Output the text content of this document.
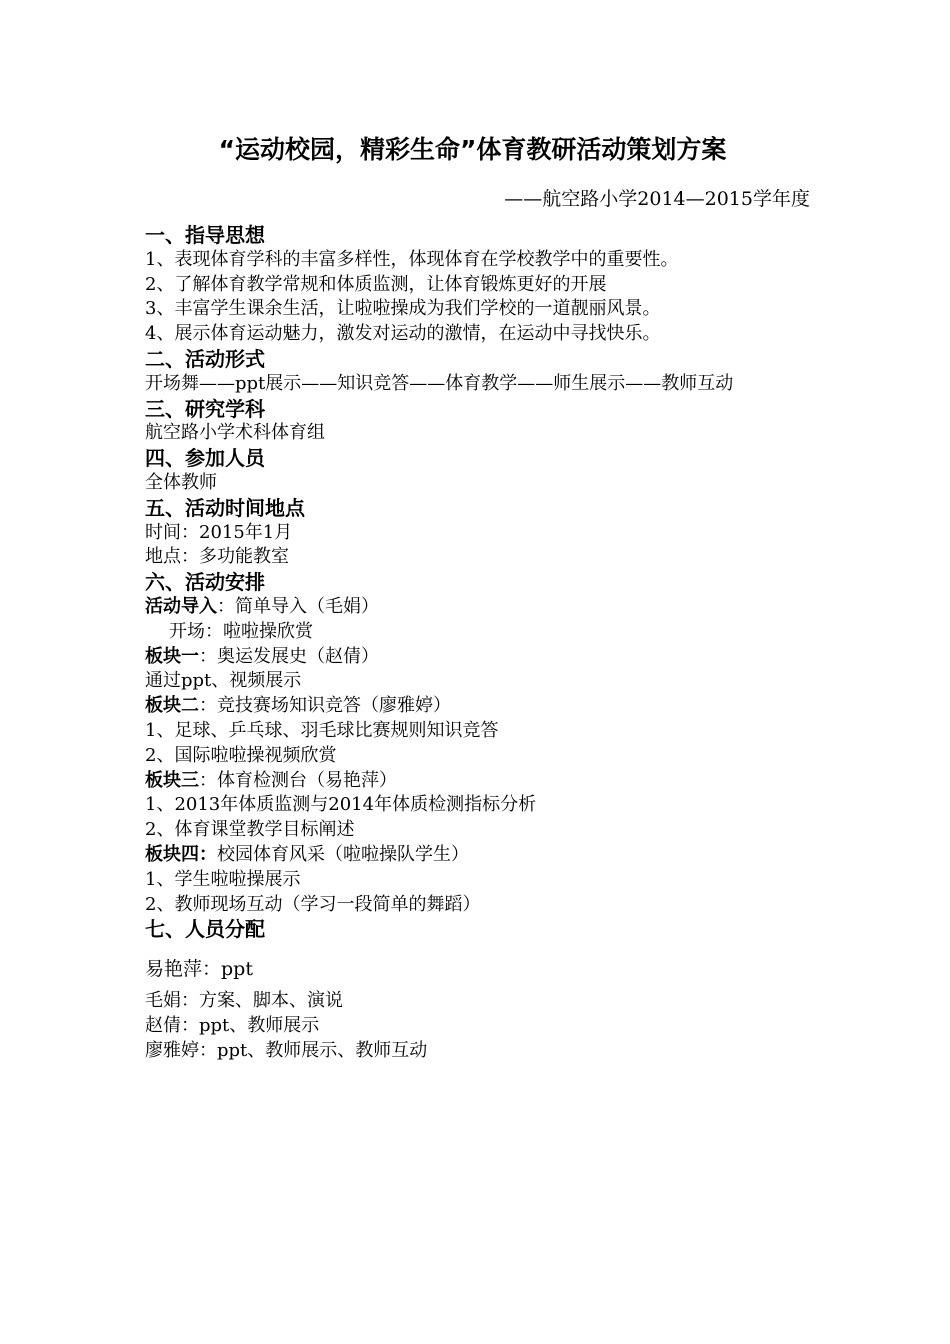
“运动校园，精彩生命”体育教研活动策划方案
——航空路小学2014—2015学年度
一、指导思想
1、表现体育学科的丰富多样性，体现体育在学校教学中的重要性。
2、了解体育教学常规和体质监测，让体育锻炼更好的开展
3、丰富学生课余生活，让啦啦操成为我们学校的一道靓丽风景。
4、展示体育运动魅力，激发对运动的激情，在运动中寻找快乐。
二、活动形式
开场舞——ppt展示——知识竞答——体育教学——师生展示——教师互动
三、研究学科
航空路小学术科体育组
四、参加人员
全体教师
五、活动时间地点
时间：2015年1月
地点：多功能教室
六、活动安排
活动导入：简单导入（毛娟）
开场：啦啦操欣赏
板块一：奥运发展史（赵倩）
通过ppt、视频展示
板块二：竞技赛场知识竞答（廖雅婷）
1、足球、乒乓球、羽毛球比赛规则知识竞答
2、国际啦啦操视频欣赏
板块三：体育检测台（易艳萍）
1、2013年体质监测与2014年体质检测指标分析
2、体育课堂教学目标阐述
板块四：校园体育风采（啦啦操队学生）
1、学生啦啦操展示
2、教师现场互动（学习一段简单的舞蹈）
七、人员分配
易艳萍：ppt
毛娟：方案、脚本、演说
赵倩：ppt、教师展示
廖雅婷：ppt、教师展示、教师互动
